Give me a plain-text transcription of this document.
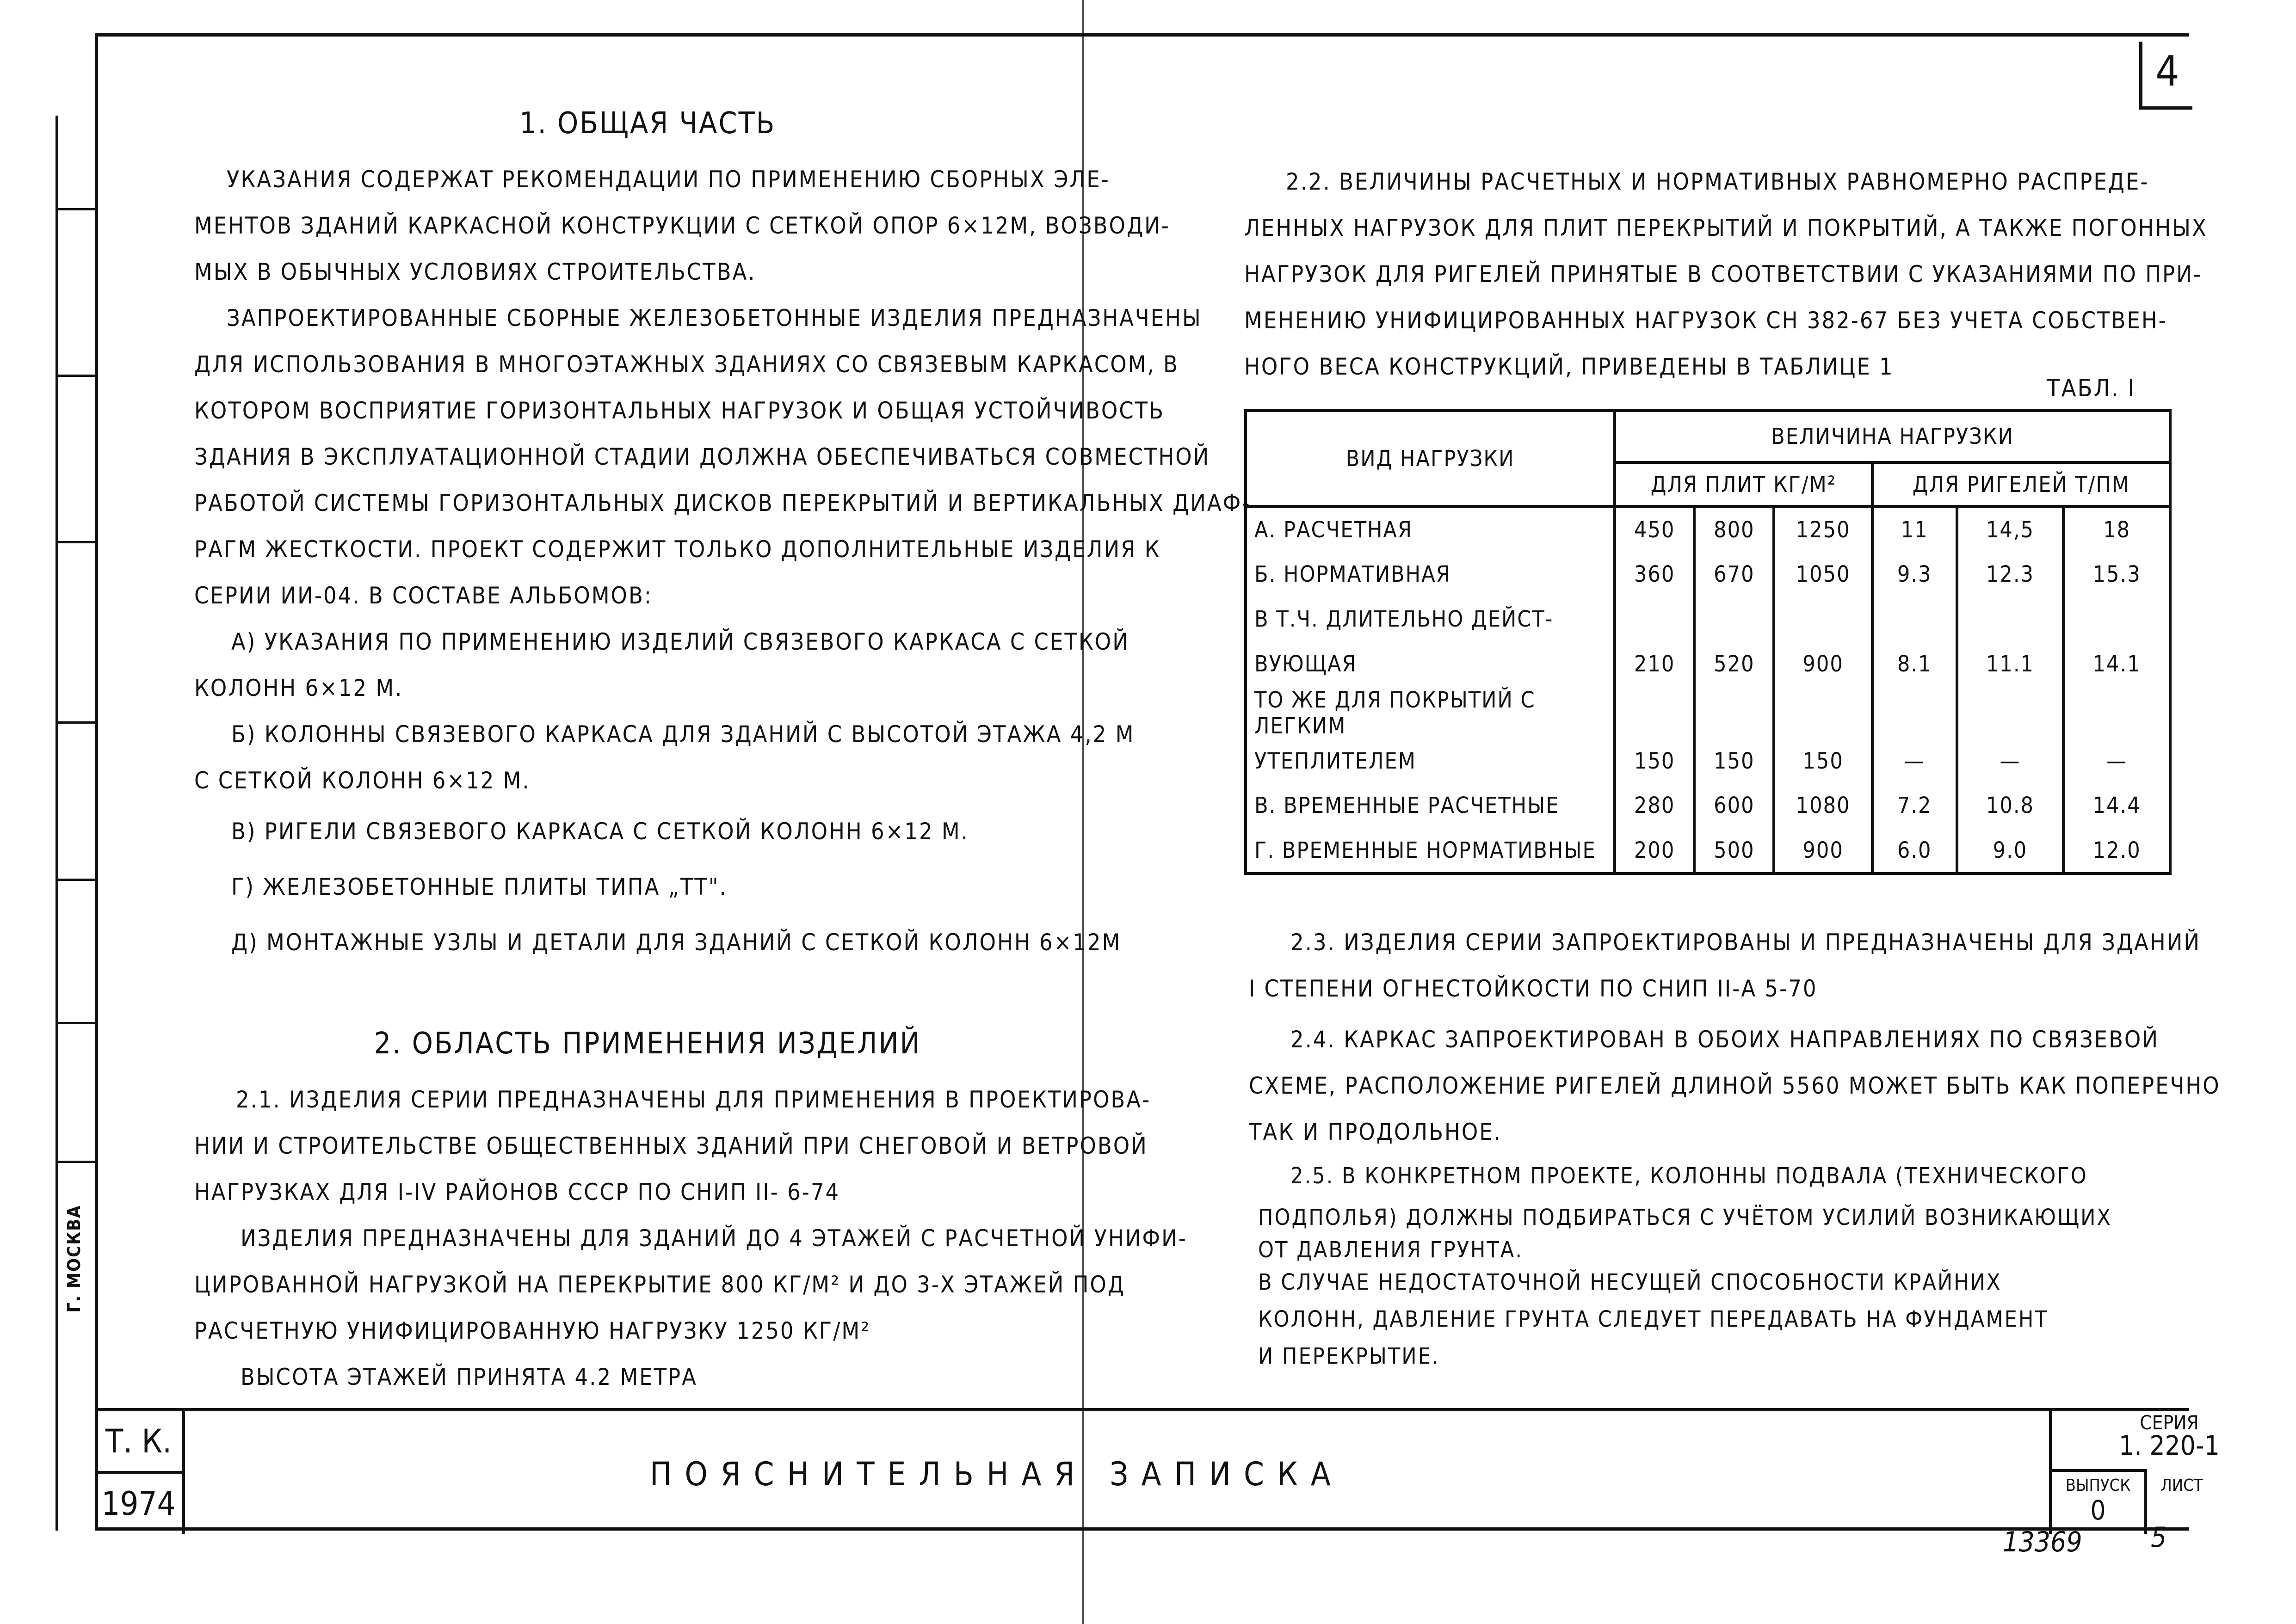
Г. МОСКВА
4
1. ОБЩАЯ ЧАСТЬ
УКАЗАНИЯ СОДЕРЖАТ РЕКОМЕНДАЦИИ ПО ПРИМЕНЕНИЮ СБОРНЫХ ЭЛЕ-
МЕНТОВ ЗДАНИЙ КАРКАСНОЙ КОНСТРУКЦИИ С СЕТКОЙ ОПОР 6×12М, ВОЗВОДИ-
МЫХ В ОБЫЧНЫХ УСЛОВИЯХ СТРОИТЕЛЬСТВА.
ЗАПРОЕКТИРОВАННЫЕ СБОРНЫЕ ЖЕЛЕЗОБЕТОННЫЕ ИЗДЕЛИЯ ПРЕДНАЗНАЧЕНЫ
ДЛЯ ИСПОЛЬЗОВАНИЯ В МНОГОЭТАЖНЫХ ЗДАНИЯХ СО СВЯЗЕВЫМ КАРКАСОМ, В
КОТОРОМ ВОСПРИЯТИЕ ГОРИЗОНТАЛЬНЫХ НАГРУЗОК И ОБЩАЯ УСТОЙЧИВОСТЬ
ЗДАНИЯ В ЭКСПЛУАТАЦИОННОЙ СТАДИИ ДОЛЖНА ОБЕСПЕЧИВАТЬСЯ СОВМЕСТНОЙ
РАБОТОЙ СИСТЕМЫ ГОРИЗОНТАЛЬНЫХ ДИСКОВ ПЕРЕКРЫТИЙ И ВЕРТИКАЛЬНЫХ ДИАФ-
РАГМ ЖЕСТКОСТИ. ПРОЕКТ СОДЕРЖИТ ТОЛЬКО ДОПОЛНИТЕЛЬНЫЕ ИЗДЕЛИЯ К
СЕРИИ ИИ-04. В СОСТАВЕ АЛЬБОМОВ:
А) УКАЗАНИЯ ПО ПРИМЕНЕНИЮ ИЗДЕЛИЙ СВЯЗЕВОГО КАРКАСА С СЕТКОЙ
КОЛОНН 6×12 М.
Б) КОЛОННЫ СВЯЗЕВОГО КАРКАСА ДЛЯ ЗДАНИЙ С ВЫСОТОЙ ЭТАЖА 4,2 М
С СЕТКОЙ КОЛОНН 6×12 М.
В) РИГЕЛИ СВЯЗЕВОГО КАРКАСА С СЕТКОЙ КОЛОНН 6×12 М.
Г) ЖЕЛЕЗОБЕТОННЫЕ ПЛИТЫ ТИПА „ТТ".
Д) МОНТАЖНЫЕ УЗЛЫ И ДЕТАЛИ ДЛЯ ЗДАНИЙ С СЕТКОЙ КОЛОНН 6×12М
2. ОБЛАСТЬ ПРИМЕНЕНИЯ ИЗДЕЛИЙ
2.1. ИЗДЕЛИЯ СЕРИИ ПРЕДНАЗНАЧЕНЫ ДЛЯ ПРИМЕНЕНИЯ В ПРОЕКТИРОВА-
НИИ И СТРОИТЕЛЬСТВЕ ОБЩЕСТВЕННЫХ ЗДАНИЙ ПРИ СНЕГОВОЙ И ВЕТРОВОЙ
НАГРУЗКАХ ДЛЯ I-IV РАЙОНОВ СССР ПО СНИП II- 6-74
ИЗДЕЛИЯ ПРЕДНАЗНАЧЕНЫ ДЛЯ ЗДАНИЙ ДО 4 ЭТАЖЕЙ С РАСЧЕТНОЙ УНИФИ-
ЦИРОВАННОЙ НАГРУЗКОЙ НА ПЕРЕКРЫТИЕ 800 КГ/М² И ДО 3-Х ЭТАЖЕЙ ПОД
РАСЧЕТНУЮ УНИФИЦИРОВАННУЮ НАГРУЗКУ 1250 КГ/М²
ВЫСОТА ЭТАЖЕЙ ПРИНЯТА 4.2 МЕТРА
2.2. ВЕЛИЧИНЫ РАСЧЕТНЫХ И НОРМАТИВНЫХ РАВНОМЕРНО РАСПРЕДЕ-
ЛЕННЫХ НАГРУЗОК ДЛЯ ПЛИТ ПЕРЕКРЫТИЙ И ПОКРЫТИЙ, А ТАКЖЕ ПОГОННЫХ
НАГРУЗОК ДЛЯ РИГЕЛЕЙ ПРИНЯТЫЕ В СООТВЕТСТВИИ С УКАЗАНИЯМИ ПО ПРИ-
МЕНЕНИЮ УНИФИЦИРОВАННЫХ НАГРУЗОК СН 382-67 БЕЗ УЧЕТА СОБСТВЕН-
НОГО ВЕСА КОНСТРУКЦИЙ, ПРИВЕДЕНЫ В ТАБЛИЦЕ 1
ТАБЛ. I
ВИД НАГРУЗКИ	ВЕЛИЧИНА НАГРУЗКИ					
	ДЛЯ ПЛИТ КГ/М²			ДЛЯ РИГЕЛЕЙ Т/ПМ		
А. РАСЧЕТНАЯ	450	800	1250	11	14,5	18
Б. НОРМАТИВНАЯ	360	670	1050	9.3	12.3	15.3
В Т.Ч. ДЛИТЕЛЬНО ДЕЙСТ-						
ВУЮЩАЯ	210	520	900	8.1	11.1	14.1
ТО ЖЕ ДЛЯ ПОКРЫТИЙ С ЛЕГКИМ						
УТЕПЛИТЕЛЕМ	150	150	150	—	—	—
В. ВРЕМЕННЫЕ РАСЧЕТНЫЕ	280	600	1080	7.2	10.8	14.4
Г. ВРЕМЕННЫЕ НОРМАТИВНЫЕ	200	500	900	6.0	9.0	12.0
2.3. ИЗДЕЛИЯ СЕРИИ ЗАПРОЕКТИРОВАНЫ И ПРЕДНАЗНАЧЕНЫ ДЛЯ ЗДАНИЙ
I СТЕПЕНИ ОГНЕСТОЙКОСТИ ПО СНИП II-А 5-70
2.4. КАРКАС ЗАПРОЕКТИРОВАН В ОБОИХ НАПРАВЛЕНИЯХ ПО СВЯЗЕВОЙ
СХЕМЕ, РАСПОЛОЖЕНИЕ РИГЕЛЕЙ ДЛИНОЙ 5560 МОЖЕТ БЫТЬ КАК ПОПЕРЕЧНО
ТАК И ПРОДОЛЬНОЕ.
2.5. В КОНКРЕТНОМ ПРОЕКТЕ, КОЛОННЫ ПОДВАЛА (ТЕХНИЧЕСКОГО
ПОДПОЛЬЯ) ДОЛЖНЫ ПОДБИРАТЬСЯ С УЧЁТОМ УСИЛИЙ ВОЗНИКАЮЩИХ
ОТ ДАВЛЕНИЯ ГРУНТА.
В СЛУЧАЕ НЕДОСТАТОЧНОЙ НЕСУЩЕЙ СПОСОБНОСТИ КРАЙНИХ
КОЛОНН, ДАВЛЕНИЕ ГРУНТА СЛЕДУЕТ ПЕРЕДАВАТЬ НА ФУНДАМЕНТ
И ПЕРЕКРЫТИЕ.
Т. К.
1974
ПОЯСНИТЕЛЬНАЯ ЗАПИСКА
СЕРИЯ
1. 220-1
ВЫПУСК
0
ЛИСТ
13369 5
